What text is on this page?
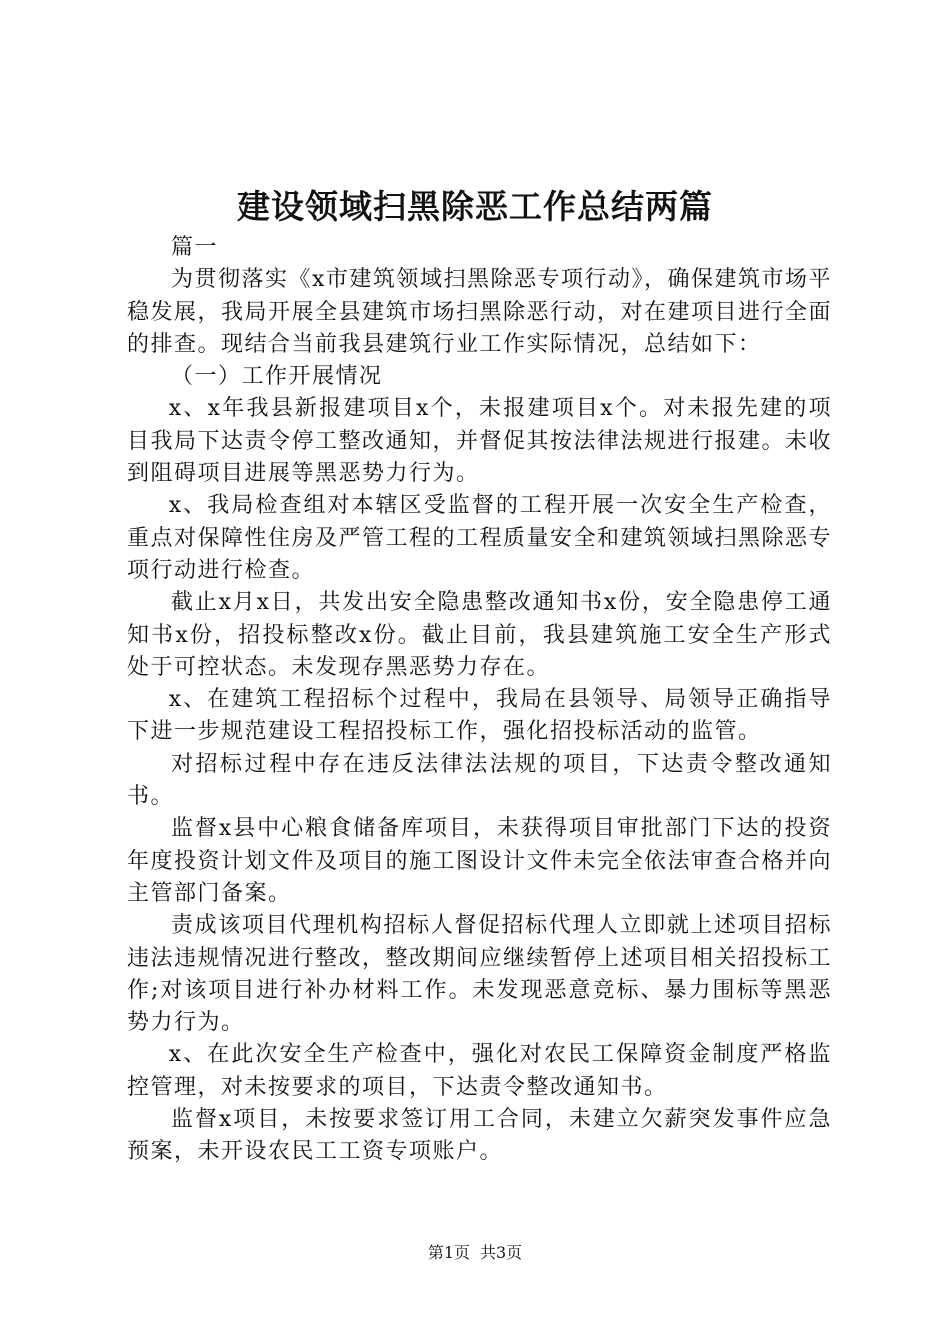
建设领域扫黑除恶工作总结两篇

篇一

为贯彻落实《x市建筑领域扫黑除恶专项行动》，确保建筑市场平稳发展，我局开展全县建筑市场扫黑除恶行动，对在建项目进行全面的排查。现结合当前我县建筑行业工作实际情况，总结如下：

（一）工作开展情况

x、x年我县新报建项目x个，未报建项目x个。对未报先建的项目我局下达责令停工整改通知，并督促其按法律法规进行报建。未收到阻碍项目进展等黑恶势力行为。

x、我局检查组对本辖区受监督的工程开展一次安全生产检查，重点对保障性住房及严管工程的工程质量安全和建筑领域扫黑除恶专项行动进行检查。

截止x月x日，共发出安全隐患整改通知书x份，安全隐患停工通知书x份，招投标整改x份。截止目前，我县建筑施工安全生产形式处于可控状态。未发现存黑恶势力存在。

x、在建筑工程招标个过程中，我局在县领导、局领导正确指导下进一步规范建设工程招投标工作，强化招投标活动的监管。

对招标过程中存在违反法律法法规的项目，下达责令整改通知书。

监督x县中心粮食储备库项目，未获得项目审批部门下达的投资年度投资计划文件及项目的施工图设计文件未完全依法审查合格并向主管部门备案。

责成该项目代理机构招标人督促招标代理人立即就上述项目招标违法违规情况进行整改，整改期间应继续暂停上述项目相关招投标工作;对该项目进行补办材料工作。未发现恶意竞标、暴力围标等黑恶势力行为。

x、在此次安全生产检查中，强化对农民工保障资金制度严格监控管理，对未按要求的项目，下达责令整改通知书。

监督x项目，未按要求签订用工合同，未建立欠薪突发事件应急预案，未开设农民工工资专项账户。

第1页 共3页
